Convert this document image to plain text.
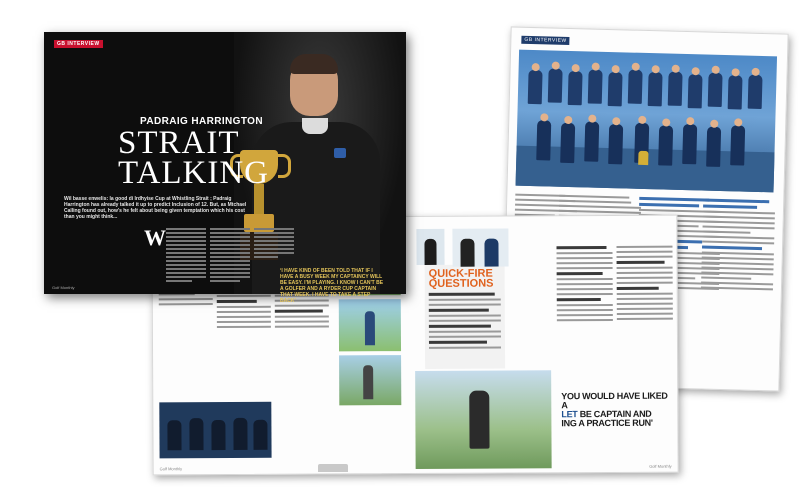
GB INTERVIEW
QUICK-FIRE QUESTIONS
YOU WOULD HAVE LIKED A
LET BE CAPTAIN AND
ING A PRACTICE RUN'
Golf Monthly
Golf Monthly
GB INTERVIEW
PADRAIG HARRINGTON
STRAIT
TALKING
Wil basse enwelis: la good di Irdhyise Cup at Whistling Strait ; Padraig Harrington has already talked it up to predict Inclusion of 12. But, as Mtchael Calling found out, how's he felt about being given temptation which his cost than you might think...
W
‘I HAVE KIND OF BEEN TOLD THAT IF I HAVE A BUSY WEEK MY CAPTAINCY WILL BE EASY. I'M PLAYING. I KNOW I CAN'T BE A GOLFER AND A RYDER CUP CAPTAIN THAT WEEK. I HAVE TO TAKE A STEP BACK’
Golf Monthly
